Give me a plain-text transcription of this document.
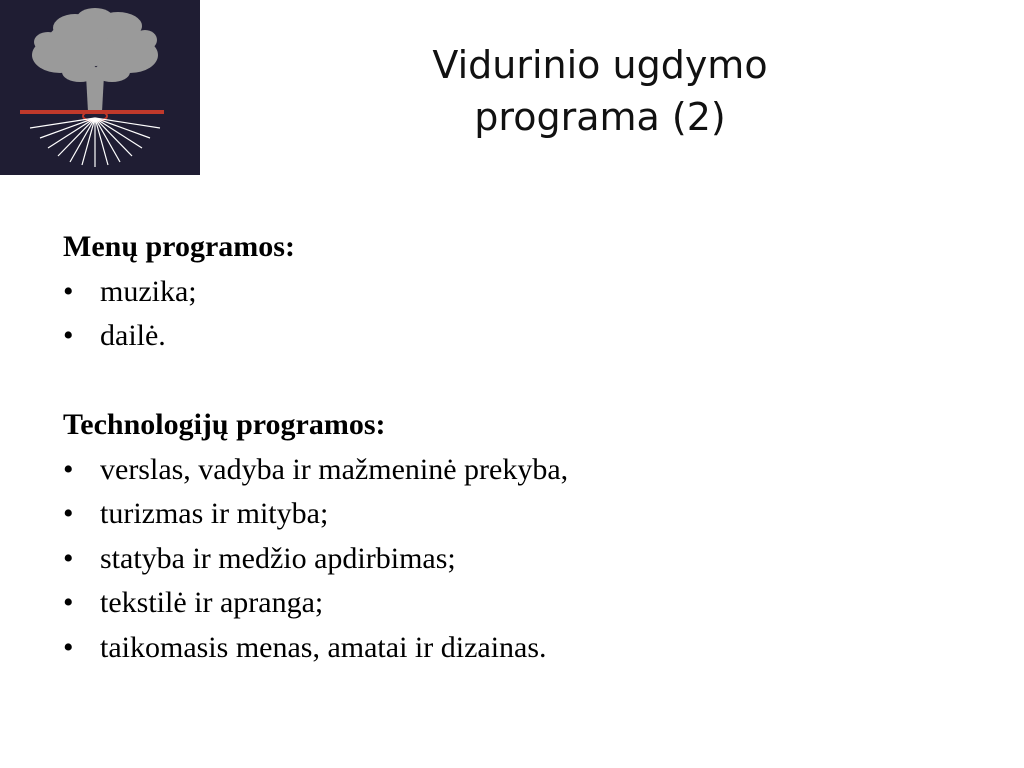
Vidurinio ugdymo
programa (2)
Menų programos:
• muzika;
• dailė.
Technologijų programos:
• verslas, vadyba ir mažmeninė prekyba,
• turizmas ir mityba;
• statyba ir medžio apdirbimas;
• tekstilė ir apranga;
• taikomasis menas, amatai ir dizainas.
